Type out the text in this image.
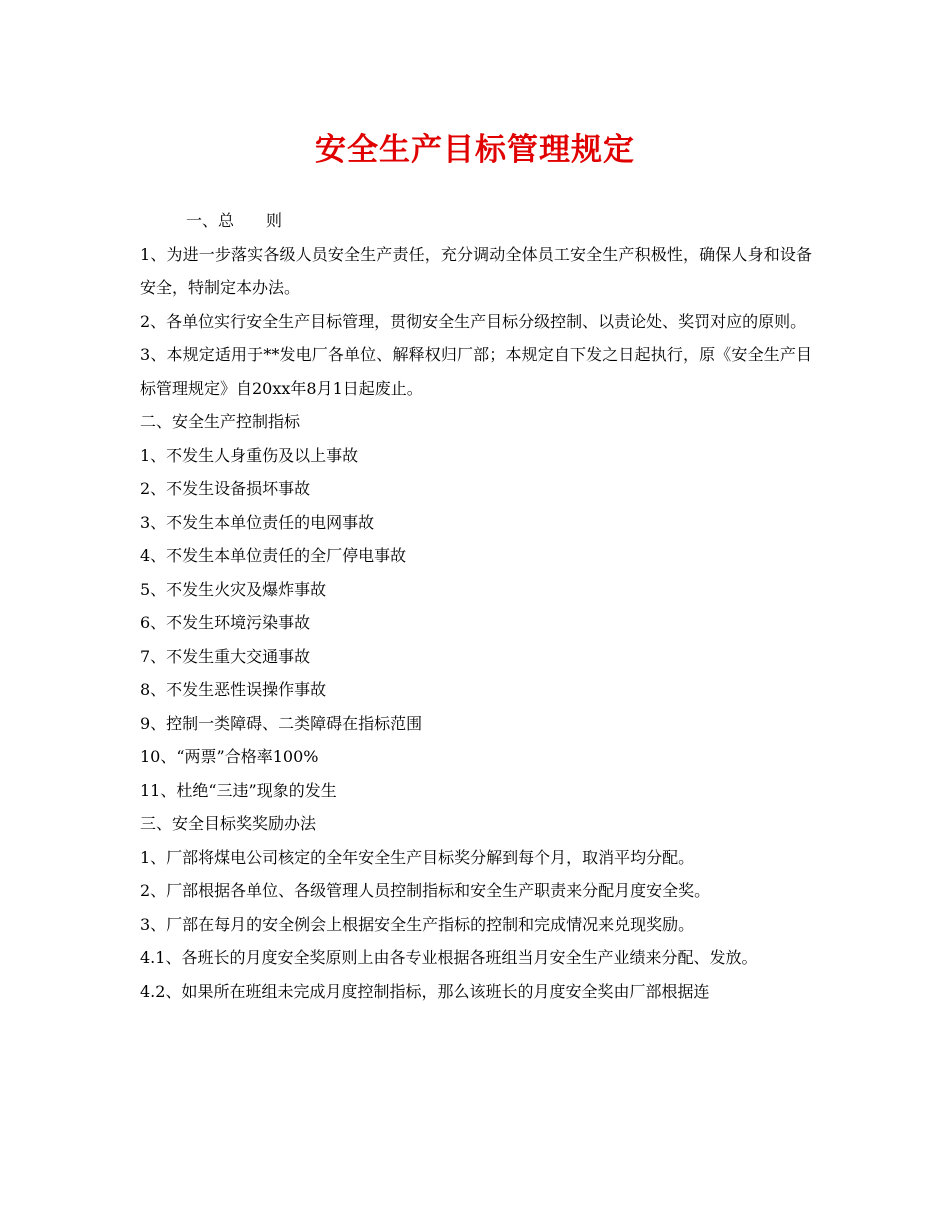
安全生产目标管理规定

一、总　　则

1、为进一步落实各级人员安全生产责任，充分调动全体员工安全生产积极性，确保人身和设备安全，特制定本办法。

2、各单位实行安全生产目标管理，贯彻安全生产目标分级控制、以责论处、奖罚对应的原则。

3、本规定适用于**发电厂各单位、解释权归厂部；本规定自下发之日起执行，原《安全生产目标管理规定》自20xx年8月1日起废止。

二、安全生产控制指标

1、不发生人身重伤及以上事故

2、不发生设备损坏事故

3、不发生本单位责任的电网事故

4、不发生本单位责任的全厂停电事故

5、不发生火灾及爆炸事故

6、不发生环境污染事故

7、不发生重大交通事故

8、不发生恶性误操作事故

9、控制一类障碍、二类障碍在指标范围

10、“两票”合格率100%

11、杜绝“三违”现象的发生

三、安全目标奖奖励办法

1、厂部将煤电公司核定的全年安全生产目标奖分解到每个月，取消平均分配。

2、厂部根据各单位、各级管理人员控制指标和安全生产职责来分配月度安全奖。

3、厂部在每月的安全例会上根据安全生产指标的控制和完成情况来兑现奖励。

4.1、各班长的月度安全奖原则上由各专业根据各班组当月安全生产业绩来分配、发放。

4.2、如果所在班组未完成月度控制指标，那么该班长的月度安全奖由厂部根据连
